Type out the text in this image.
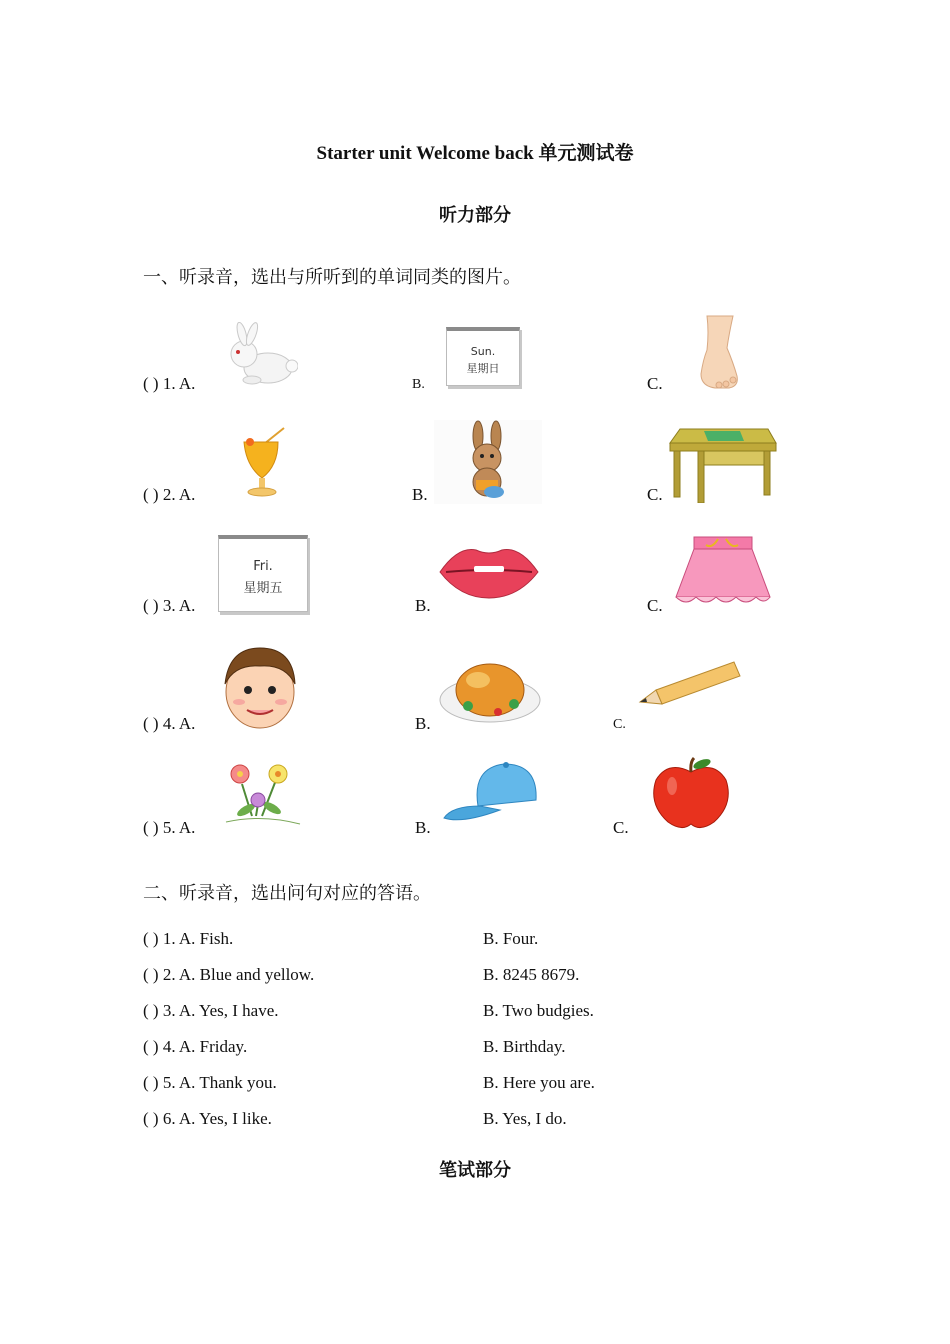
Starter unit Welcome back 单元测试卷
听力部分
一、听录音，选出与所听到的单词同类的图片。
( ) 1. A.	B.	C.
Sun.
星期日
( ) 2. A.	B.	C.
( ) 3. A.	B.	C.
Fri.
星期五
( ) 4. A.	B.	C.
( ) 5. A.	B.	C.
二、听录音，选出问句对应的答语。
( ) 1. A. Fish.	B. Four.
( ) 2. A. Blue and yellow.	B. 8245 8679.
( ) 3. A. Yes, I have.	B. Two budgies.
( ) 4. A. Friday.	B. Birthday.
( ) 5. A. Thank you.	B. Here you are.
( ) 6. A. Yes, I like.	B. Yes, I do.
笔试部分
